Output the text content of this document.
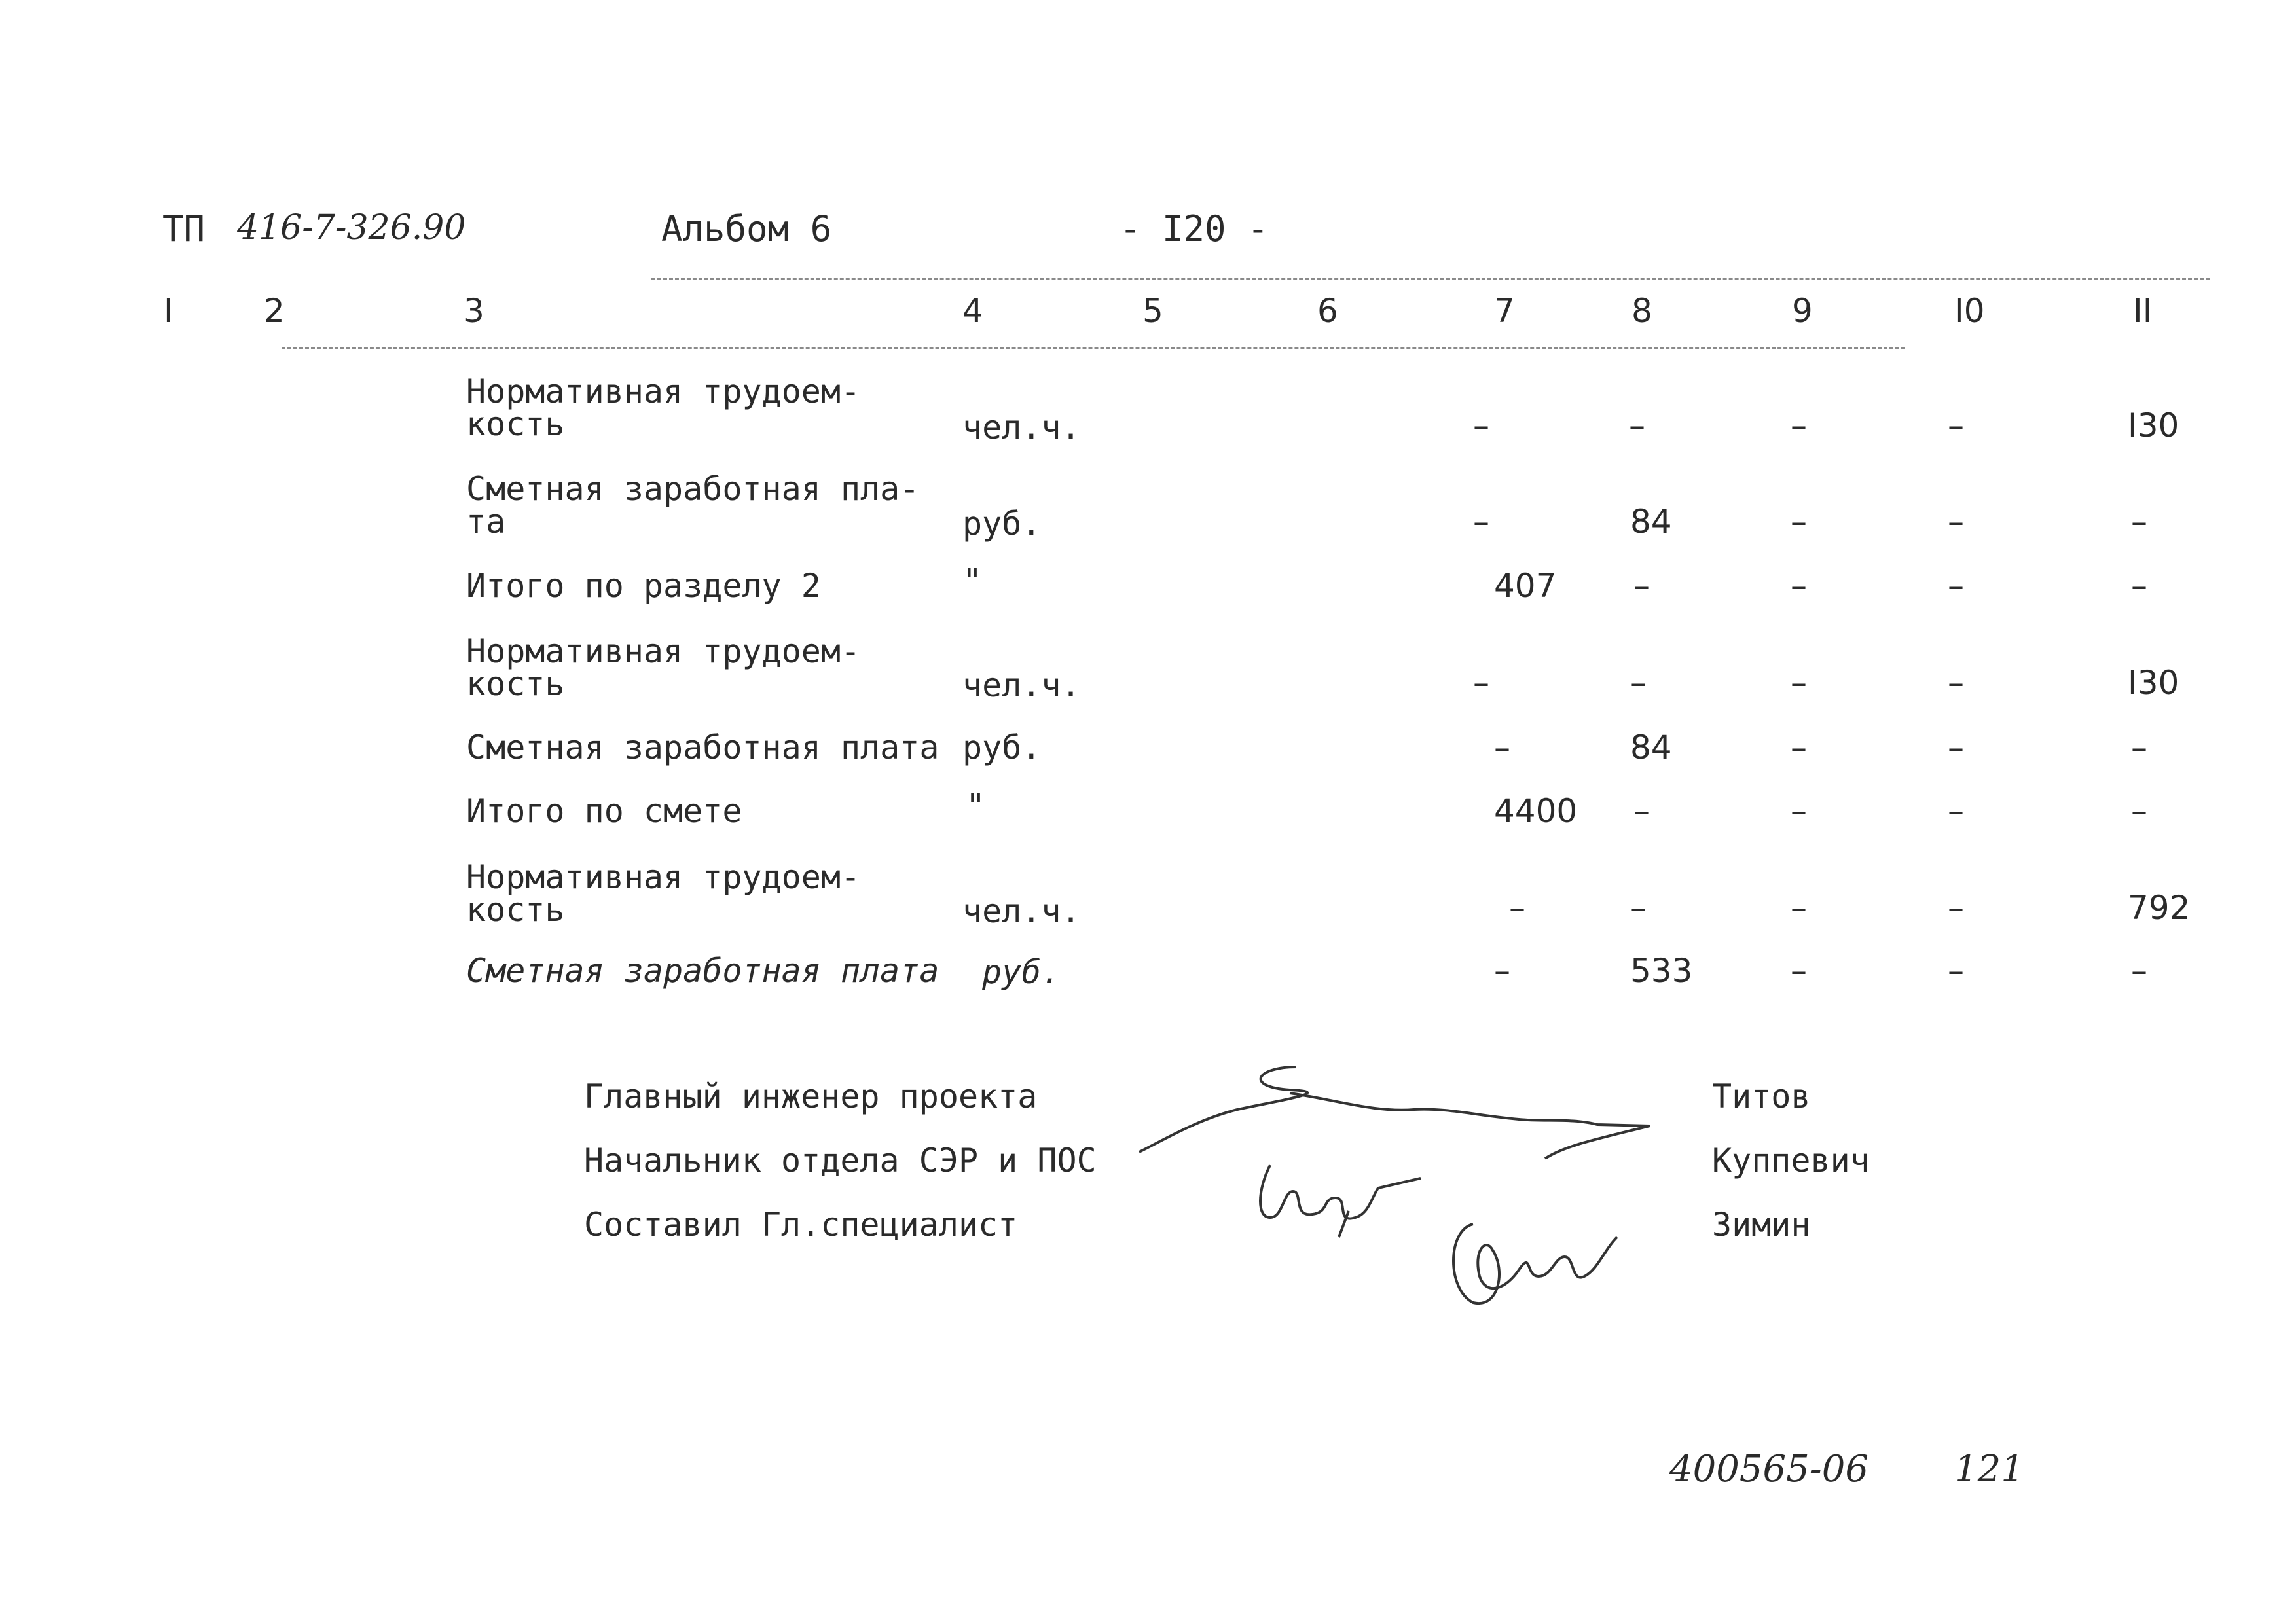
ТП 416-7-326.90	Альбом 6	- I20 -
I	2	3	4	5	6	7	8	9	I0	II
Нормативная трудоем-
кость	чел.ч.	–	–	–	–	I30
Сметная заработная пла-
та	руб.	–	84	–	–	–
Итого по разделу 2	"	407 –	–	–	–
Нормативная трудоем-
кость	чел.ч.	–	–	–	–	I30
Сметная заработная плата руб.	–	84	–	–	–
Итого по смете	"	4400 –	–	–	–
Нормативная трудоем-
кость	чел.ч.	–	–	–	–	792
Сметная заработная плата руб.	–	533	–	–	–
Главный инженер проекта	Титов
Начальник отдела СЭР и ПОС	Куппевич
Составил Гл.специалист	Зимин
400565-06 121
